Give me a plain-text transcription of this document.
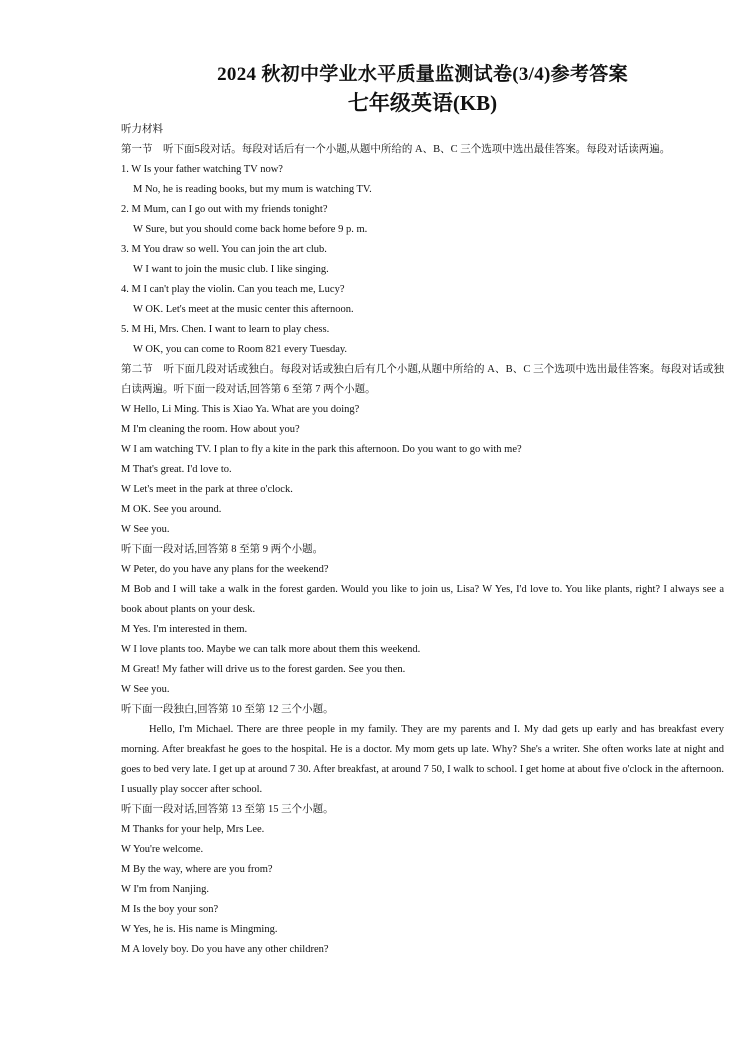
2024 秋初中学业水平质量监测试卷(3/4)参考答案
七年级英语(KB)

听力材料

第一节　听下面5段对话。每段对话后有一个小题,从题中所给的 A、B、C 三个选项中选出最佳答案。每段对话读两遍。

1. W Is your father watching TV now?

M No, he is reading books, but my mum is watching TV.

2. M Mum, can I go out with my friends tonight?

W Sure, but you should come back home before 9 p. m.

3. M You draw so well. You can join the art club.

W I want to join the music club. I like singing.

4. M I can't play the violin. Can you teach me, Lucy?

W OK. Let's meet at the music center this afternoon.

5. M Hi, Mrs. Chen. I want to learn to play chess.

W OK, you can come to Room 821 every Tuesday.

第二节　听下面几段对话或独白。每段对话或独白后有几个小题,从题中所给的 A、B、C 三个选项中选出最佳答案。每段对话或独白读两遍。听下面一段对话,回答第 6 至第 7 两个小题。

W Hello, Li Ming. This is Xiao Ya. What are you doing?

M I'm cleaning the room. How about you?

W I am watching TV. I plan to fly a kite in the park this afternoon. Do you want to go with me?

M That's great. I'd love to.

W Let's meet in the park at three o'clock.

M OK. See you around.

W See you.

听下面一段对话,回答第 8 至第 9 两个小题。

W Peter, do you have any plans for the weekend?

M Bob and I will take a walk in the forest garden. Would you like to join us, Lisa? W Yes, I'd love to. You like plants, right? I always see a book about plants on your desk.

M Yes. I'm interested in them.

W I love plants too. Maybe we can talk more about them this weekend.

M Great! My father will drive us to the forest garden. See you then.

W See you.

听下面一段独白,回答第 10 至第 12 三个小题。

Hello, I'm Michael. There are three people in my family. They are my parents and I. My dad gets up early and has breakfast every morning. After breakfast he goes to the hospital. He is a doctor. My mom gets up late. Why? She's a writer. She often works late at night and goes to bed very late. I get up at around 7 30. After breakfast, at around 7 50, I walk to school. I get home at about five o'clock in the afternoon. I usually play soccer after school.

听下面一段对话,回答第 13 至第 15 三个小题。

M Thanks for your help, Mrs Lee.

W You're welcome.

M By the way, where are you from?

W I'm from Nanjing.

M Is the boy your son?

W Yes, he is. His name is Mingming.

M A lovely boy. Do you have any other children?
